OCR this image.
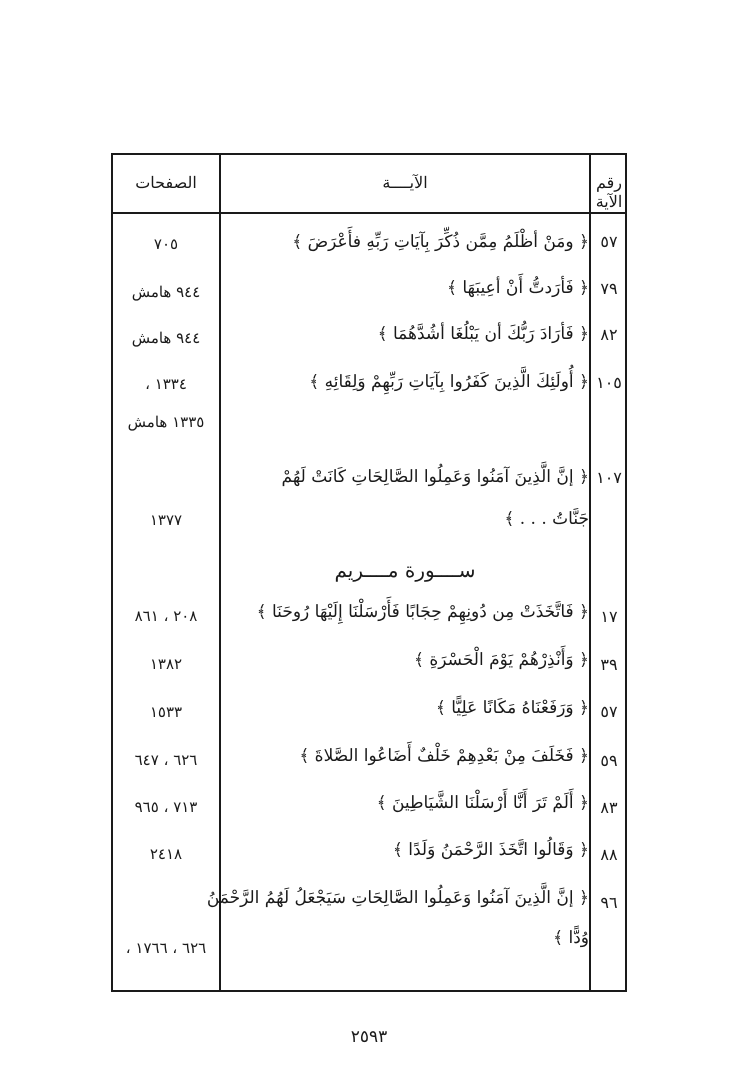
رقم الآية
الآيــــة
الصفحات
٥٧
﴿ ومَنْ أظْلَمُ مِمَّن ذُكِّرَ بِآيَاتِ رَبِّهِ فأَعْرَضَ ﴾
٧٠٥
٧٩
﴿ فَأرَدتُّ أَنْ أعِيبَهَا ﴾
٩٤٤ هامش
٨٢
﴿ فَأرَادَ رَبُّكَ أن يَبْلُغَا أشُدَّهُمَا ﴾
٩٤٤ هامش
١٠٥
﴿ أُولَئِكَ الَّذِينَ كَفَرُوا بِآيَاتِ رَبِّهِمْ وَلِقَائِهِ ﴾
١٣٣٤ ،
١٣٣٥ هامش
١٠٧
﴿ إنَّ الَّذِينَ آمَنُوا وَعَمِلُوا الصَّالِحَاتِ كَانَتْ لَهُمْ
جَنَّاتُ . . . ﴾
١٣٧٧
ســــورة مــــريم
١٧
﴿ فَاتَّخَذَتْ مِن دُونِهِمْ حِجَابًا فَأَرْسَلْنَا إِلَيْهَا رُوحَنَا ﴾
٢٠٨ ، ٨٦١
٣٩
﴿ وَأَنْذِرْهُمْ يَوْمَ الْحَسْرَةِ ﴾
١٣٨٢
٥٧
﴿ وَرَفَعْنَاهُ مَكَانًا عَلِيًّا ﴾
١٥٣٣
٥٩
﴿ فَخَلَفَ مِنْ بَعْدِهِمْ خَلْفٌ أَضَاعُوا الصَّلاةَ ﴾
٦٢٦ ، ٦٤٧
٨٣
﴿ أَلَمْ تَرَ أَنَّا أَرْسَلْنَا الشَّيَاطِينَ ﴾
٧١٣ ، ٩٦٥
٨٨
﴿ وَقَالُوا اتَّخَذَ الرَّحْمَنُ وَلَدًا ﴾
٢٤١٨
٩٦
﴿ إنَّ الَّذِينَ آمَنُوا وَعَمِلُوا الصَّالِحَاتِ سَيَجْعَلُ لَهُمُ الرَّحْمَنُ
وُدًّا ﴾
٦٢٦ ، ١٧٦٦ ،
٢٥٩٣
